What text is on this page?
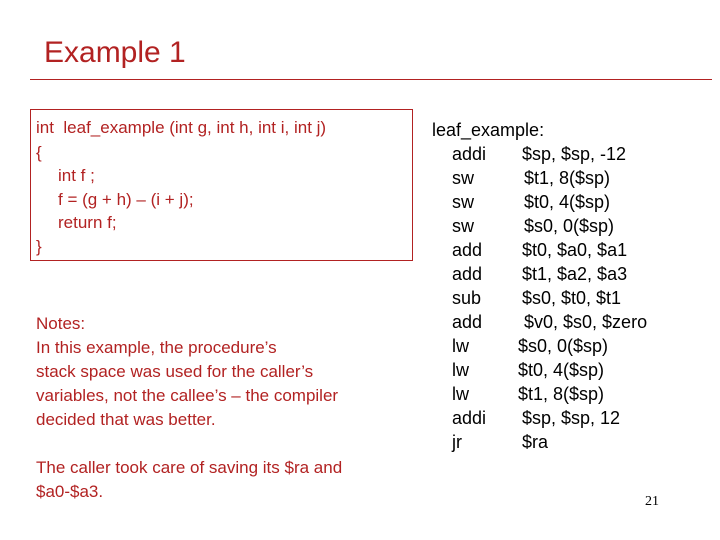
Example 1
int  leaf_example (int g, int h, int i, int j)
{
int f ;
f = (g + h) – (i + j);
return f;
}
Notes:
In this example, the procedure’s
stack space was used for the caller’s
variables, not the callee’s – the compiler
decided that was better.
The caller took care of saving its $ra and
$a0-$a3.
leaf_example:
addi $sp, $sp, -12
sw	$t1, 8($sp)
sw	$t0, 4($sp)
sw	$s0, 0($sp)
add $t0, $a0, $a1
add $t1, $a2, $a3
sub $s0, $t0, $t1
add $v0, $s0, $zero
lw	$s0, 0($sp)
lw	$t0, 4($sp)
lw	$t1, 8($sp)
addi $sp, $sp, 12
jr	$ra
21
